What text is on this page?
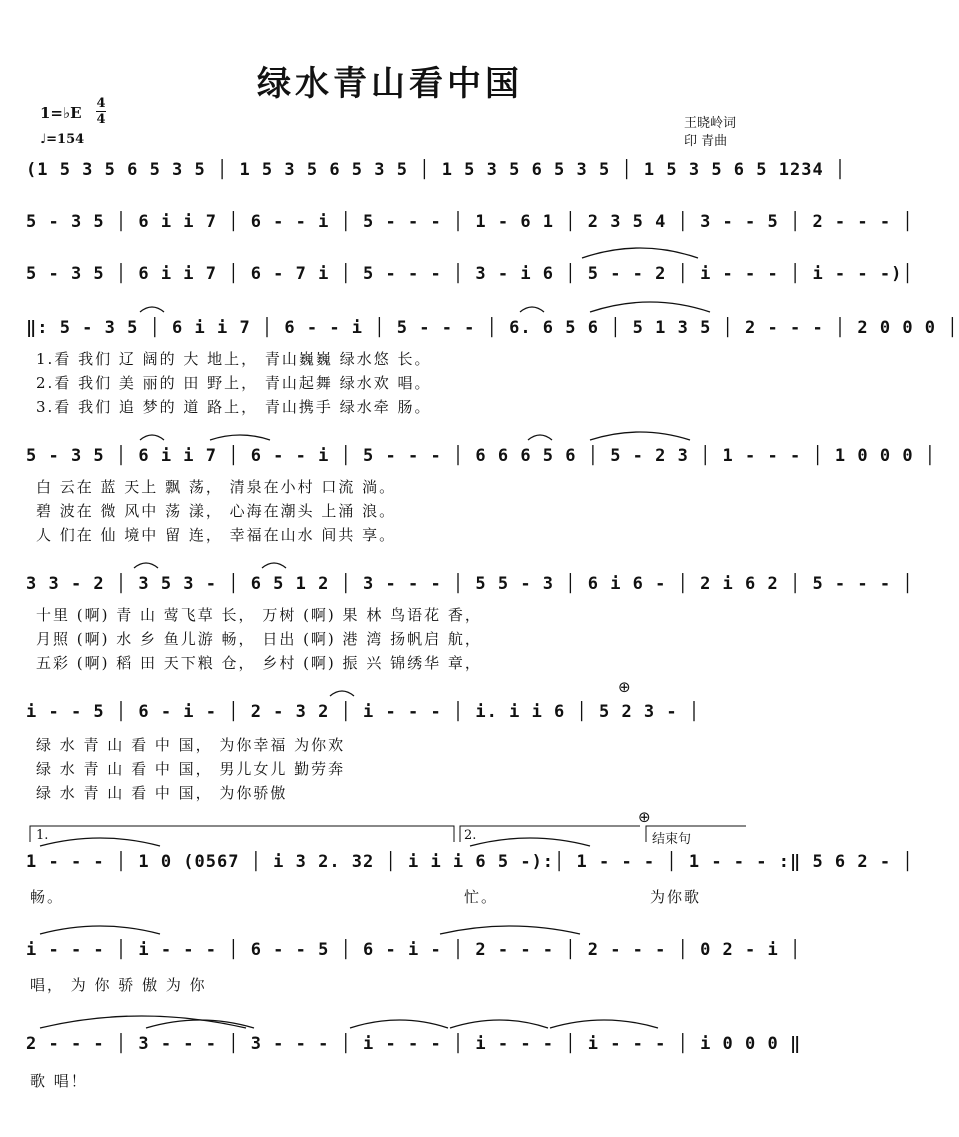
绿水青山看中国
1=♭E
4
4
♩=154
王晓岭词
印 青曲
(1 5 3 5 6 5 3 5 │ 1 5 3 5 6 5 3 5 │ 1 5 3 5 6 5 3 5 │ 1 5 3 5 6 5 1234 │
5 - 3 5 │ 6 i i 7 │ 6 - - i │ 5 - - - │ 1 - 6 1 │ 2 3 5 4 │ 3 - - 5 │ 2 - - - │
5 - 3 5 │ 6 i i 7 │ 6 - 7 i │ 5 - - - │ 3 - i 6 │ 5 - - 2 │ i - - - │ i - - -)│
‖: 5 - 3 5 │ 6 i i 7 │ 6 - - i │ 5 - - - │ 6. 6 5 6 │ 5 1 3 5 │ 2 - - - │ 2 0 0 0 │
1.看 我们 辽 阔的 大 地上， 青山巍巍 绿水悠 长。
2.看 我们 美 丽的 田 野上， 青山起舞 绿水欢 唱。
3.看 我们 追 梦的 道 路上， 青山携手 绿水牵 肠。
5 - 3 5 │ 6 i i 7 │ 6 - - i │ 5 - - - │ 6 6 6 5 6 │ 5 - 2 3 │ 1 - - - │ 1 0 0 0 │
白 云在 蓝 天上 飘 荡， 清泉在小村 口流 淌。
碧 波在 微 风中 荡 漾， 心海在潮头 上涌 浪。
人 们在 仙 境中 留 连， 幸福在山水 间共 享。
3 3 - 2 │ 3 5 3 - │ 6 5 1 2 │ 3 - - - │ 5 5 - 3 │ 6 i 6 - │ 2 i 6 2 │ 5 - - - │
十里 (啊) 青 山 莺飞草 长， 万树 (啊) 果 林 鸟语花 香，
月照 (啊) 水 乡 鱼儿游 畅， 日出 (啊) 港 湾 扬帆启 航，
五彩 (啊) 稻 田 天下粮 仓， 乡村 (啊) 振 兴 锦绣华 章，
⊕
i - - 5 │ 6 - i - │ 2 - 3 2 │ i - - - │ i. i i 6 │ 5 2 3 - │
绿 水 青 山 看 中 国， 为你幸福 为你欢
绿 水 青 山 看 中 国， 男儿女儿 勤劳奔
绿 水 青 山 看 中 国， 为你骄傲
⊕
1.	2.	结束句
1 - - - │ 1 0 (0567 │ i 3 2. 32 │ i i i 6 5 -):│ 1 - - - │ 1 - - - :‖ 5 6 2 - │
畅。	忙。	为你歌
i - - - │ i - - - │ 6 - - 5 │ 6 - i - │ 2 - - - │ 2 - - - │ 0 2 - i │
唱， 为 你 骄 傲 为 你
2 - - - │ 3 - - - │ 3 - - - │ i - - - │ i - - - │ i - - - │ i 0 0 0 ‖
歌 唱！
